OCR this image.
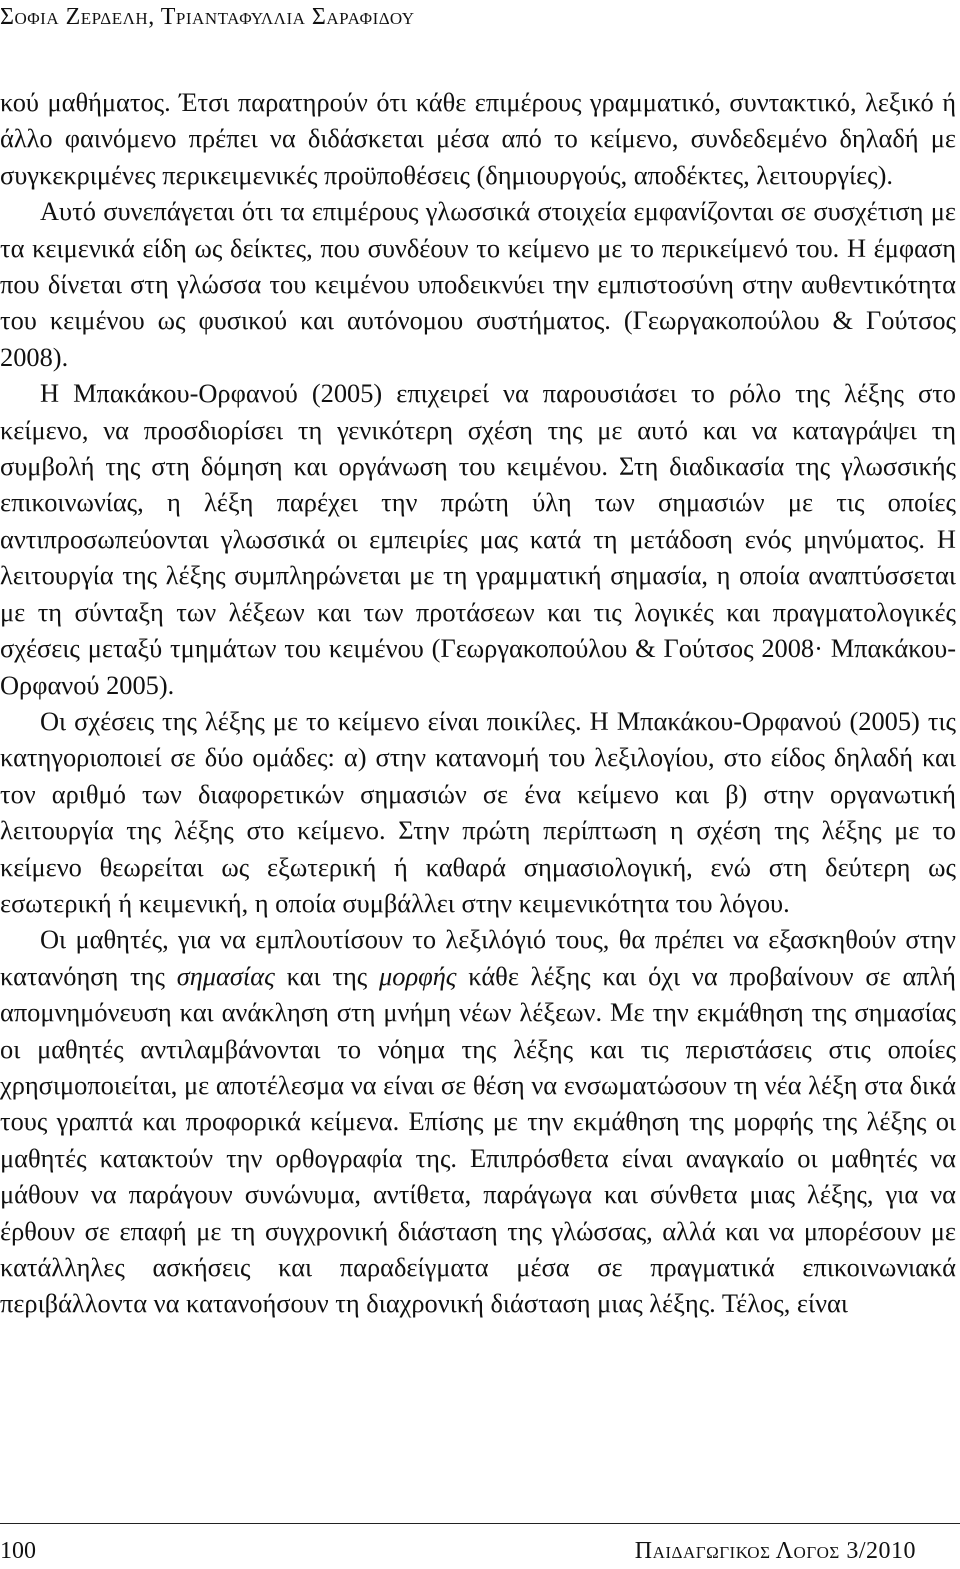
Σοφια Ζερδελη, Τριανταφυλλια Σαραφιδου

κού μαθήματος. Έτσι παρατηρούν ότι κάθε επιμέρους γραμματικό, συντακτικό, λεξικό ή άλλο φαινόμενο πρέπει να διδάσκεται μέσα από το κείμενο, συνδεδεμένο δηλαδή με συγκεκριμένες περικειμενικές προϋποθέσεις (δημιουργούς, αποδέκτες, λειτουργίες).

Αυτό συνεπάγεται ότι τα επιμέρους γλωσσικά στοιχεία εμφανίζονται σε συσχέτιση με τα κειμενικά είδη ως δείκτες, που συνδέουν το κείμενο με το περικείμενό του. Η έμφαση που δίνεται στη γλώσσα του κειμένου υποδεικνύει την εμπιστοσύνη στην αυθεντικότητα του κειμένου ως φυσικού και αυτόνομου συστήματος. (Γεωργακοπούλου & Γούτσος 2008).

Η Μπακάκου-Ορφανού (2005) επιχειρεί να παρουσιάσει το ρόλο της λέξης στο κείμενο, να προσδιορίσει τη γενικότερη σχέση της με αυτό και να καταγράψει τη συμβολή της στη δόμηση και οργάνωση του κειμένου. Στη διαδικασία της γλωσσικής επικοινωνίας, η λέξη παρέχει την πρώτη ύλη των σημασιών με τις οποίες αντιπροσωπεύονται γλωσσικά οι εμπειρίες μας κατά τη μετάδοση ενός μηνύματος. Η λειτουργία της λέξης συμπληρώνεται με τη γραμματική σημασία, η οποία αναπτύσσεται με τη σύνταξη των λέξεων και των προτάσεων και τις λογικές και πραγματολογικές σχέσεις μεταξύ τμημάτων του κειμένου (Γεωργακοπούλου & Γούτσος 2008· Μπακάκου-Ορφανού 2005).

Οι σχέσεις της λέξης με το κείμενο είναι ποικίλες. Η Μπακάκου-Ορφανού (2005) τις κατηγοριοποιεί σε δύο ομάδες: α) στην κατανομή του λεξιλογίου, στο είδος δηλαδή και τον αριθμό των διαφορετικών σημασιών σε ένα κείμενο και β) στην οργανωτική λειτουργία της λέξης στο κείμενο. Στην πρώτη περίπτωση η σχέση της λέξης με το κείμενο θεωρείται ως εξωτερική ή καθαρά σημασιολογική, ενώ στη δεύτερη ως εσωτερική ή κειμενική, η οποία συμβάλλει στην κειμενικότητα του λόγου.

Οι μαθητές, για να εμπλουτίσουν το λεξιλόγιό τους, θα πρέπει να εξασκηθούν στην κατανόηση της σημασίας και της μορφής κάθε λέξης και όχι να προβαίνουν σε απλή απομνημόνευση και ανάκληση στη μνήμη νέων λέξεων. Με την εκμάθηση της σημασίας οι μαθητές αντιλαμβάνονται το νόημα της λέξης και τις περιστάσεις στις οποίες χρησιμοποιείται, με αποτέλεσμα να είναι σε θέση να ενσωματώσουν τη νέα λέξη στα δικά τους γραπτά και προφορικά κείμενα. Επίσης με την εκμάθηση της μορφής της λέξης οι μαθητές κατακτούν την ορθογραφία της. Επιπρόσθετα είναι αναγκαίο οι μαθητές να μάθουν να παράγουν συνώνυμα, αντίθετα, παράγωγα και σύνθετα μιας λέξης, για να έρθουν σε επαφή με τη συγχρονική διάσταση της γλώσσας, αλλά και να μπορέσουν με κατάλληλες ασκήσεις και παραδείγματα μέσα σε πραγματικά επικοινωνιακά περιβάλλοντα να κατανοήσουν τη διαχρονική διάσταση μιας λέξης. Τέλος, είναι

100	Παιδαγωγικος Λογος 3/2010
